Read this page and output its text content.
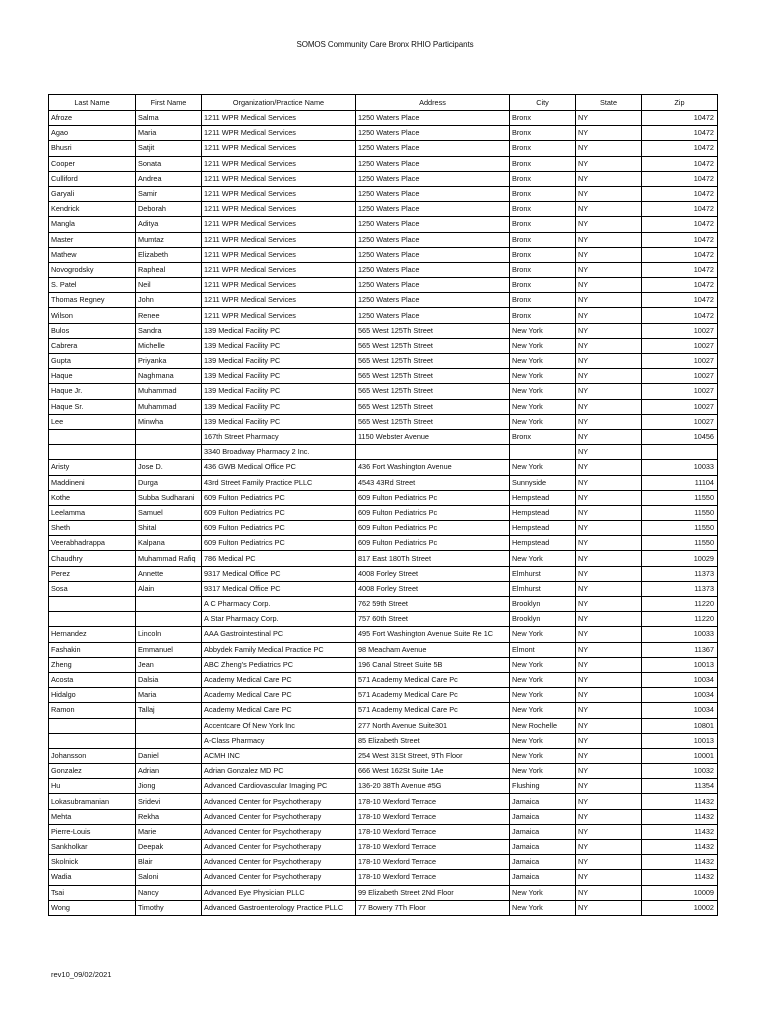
SOMOS Community Care Bronx RHIO Participants
Last Name	First Name	Organization/Practice Name	Address	City	State	Zip
Afroze	Salma	1211 WPR Medical Services	1250 Waters Place	Bronx	NY	10472
Agao	Maria	1211 WPR Medical Services	1250 Waters Place	Bronx	NY	10472
Bhusri	Satjit	1211 WPR Medical Services	1250 Waters Place	Bronx	NY	10472
Cooper	Sonata	1211 WPR Medical Services	1250 Waters Place	Bronx	NY	10472
Culliford	Andrea	1211 WPR Medical Services	1250 Waters Place	Bronx	NY	10472
Garyali	Samir	1211 WPR Medical Services	1250 Waters Place	Bronx	NY	10472
Kendrick	Deborah	1211 WPR Medical Services	1250 Waters Place	Bronx	NY	10472
Mangla	Aditya	1211 WPR Medical Services	1250 Waters Place	Bronx	NY	10472
Master	Mumtaz	1211 WPR Medical Services	1250 Waters Place	Bronx	NY	10472
Mathew	Elizabeth	1211 WPR Medical Services	1250 Waters Place	Bronx	NY	10472
Novogrodsky	Rapheal	1211 WPR Medical Services	1250 Waters Place	Bronx	NY	10472
S. Patel	Neil	1211 WPR Medical Services	1250 Waters Place	Bronx	NY	10472
Thomas Regney	John	1211 WPR Medical Services	1250 Waters Place	Bronx	NY	10472
Wilson	Renee	1211 WPR Medical Services	1250 Waters Place	Bronx	NY	10472
Bulos	Sandra	139 Medical Facility PC	565 West 125Th Street	New York	NY	10027
Cabrera	Michelle	139 Medical Facility PC	565 West 125Th Street	New York	NY	10027
Gupta	Priyanka	139 Medical Facility PC	565 West 125Th Street	New York	NY	10027
Haque	Naghmana	139 Medical Facility PC	565 West 125Th Street	New York	NY	10027
Haque Jr.	Muhammad	139 Medical Facility PC	565 West 125Th Street	New York	NY	10027
Haque Sr.	Muhammad	139 Medical Facility PC	565 West 125Th Street	New York	NY	10027
Lee	Minwha	139 Medical Facility PC	565 West 125Th Street	New York	NY	10027
		167th Street Pharmacy	1150 Webster Avenue	Bronx	NY	10456
		3340 Broadway Pharmacy 2 Inc.			NY	
Aristy	Jose D.	436 GWB Medical Office PC	436 Fort Washington Avenue	New York	NY	10033
Maddineni	Durga	43rd Street Family Practice PLLC	4543 43Rd Street	Sunnyside	NY	11104
Kothe	Subba Sudharani	609 Fulton Pediatrics PC	609 Fulton Pediatrics Pc	Hempstead	NY	11550
Leelamma	Samuel	609 Fulton Pediatrics PC	609 Fulton Pediatrics Pc	Hempstead	NY	11550
Sheth	Shital	609 Fulton Pediatrics PC	609 Fulton Pediatrics Pc	Hempstead	NY	11550
Veerabhadrappa	Kalpana	609 Fulton Pediatrics PC	609 Fulton Pediatrics Pc	Hempstead	NY	11550
Chaudhry	Muhammad Rafiq	786 Medical PC	817 East 180Th Street	New York	NY	10029
Perez	Annette	9317 Medical Office PC	4008 Forley Street	Elmhurst	NY	11373
Sosa	Alain	9317 Medical Office PC	4008 Forley Street	Elmhurst	NY	11373
		A C Pharmacy Corp.	762 59th Street	Brooklyn	NY	11220
		A Star Pharmacy Corp.	757 60th Street	Brooklyn	NY	11220
Hernandez	Lincoln	AAA Gastrointestinal PC	495 Fort Washington Avenue Suite Re 1C	New York	NY	10033
Fashakin	Emmanuel	Abbydek Family Medical Practice PC	98 Meacham Avenue	Elmont	NY	11367
Zheng	Jean	ABC Zheng's Pediatrics PC	196 Canal Street Suite 5B	New York	NY	10013
Acosta	Dalsia	Academy Medical Care PC	571 Academy Medical Care Pc	New York	NY	10034
Hidalgo	Maria	Academy Medical Care PC	571 Academy Medical Care Pc	New York	NY	10034
Ramon	Tallaj	Academy Medical Care PC	571 Academy Medical Care Pc	New York	NY	10034
		Accentcare Of New York Inc	277 North Avenue Suite301	New Rochelle	NY	10801
		A-Class Pharmacy	85 Elizabeth Street	New York	NY	10013
Johansson	Daniel	ACMH INC	254 West 31St Street, 9Th Floor	New York	NY	10001
Gonzalez	Adrian	Adrian Gonzalez MD PC	666 West 162St Suite 1Ae	New York	NY	10032
Hu	Jiong	Advanced Cardiovascular Imaging PC	136-20 38Th Avenue #5G	Flushing	NY	11354
Lokasubramanian	Sridevi	Advanced Center for Psychotherapy	178-10 Wexford Terrace	Jamaica	NY	11432
Mehta	Rekha	Advanced Center for Psychotherapy	178-10 Wexford Terrace	Jamaica	NY	11432
Pierre-Louis	Marie	Advanced Center for Psychotherapy	178-10 Wexford Terrace	Jamaica	NY	11432
Sankholkar	Deepak	Advanced Center for Psychotherapy	178-10 Wexford Terrace	Jamaica	NY	11432
Skolnick	Blair	Advanced Center for Psychotherapy	178-10 Wexford Terrace	Jamaica	NY	11432
Wadia	Saloni	Advanced Center for Psychotherapy	178-10 Wexford Terrace	Jamaica	NY	11432
Tsai	Nancy	Advanced Eye Physician PLLC	99 Elizabeth Street 2Nd Floor	New York	NY	10009
Wong	Timothy	Advanced Gastroenterology Practice PLLC	77 Bowery 7Th Floor	New York	NY	10002
rev10_09/02/2021
